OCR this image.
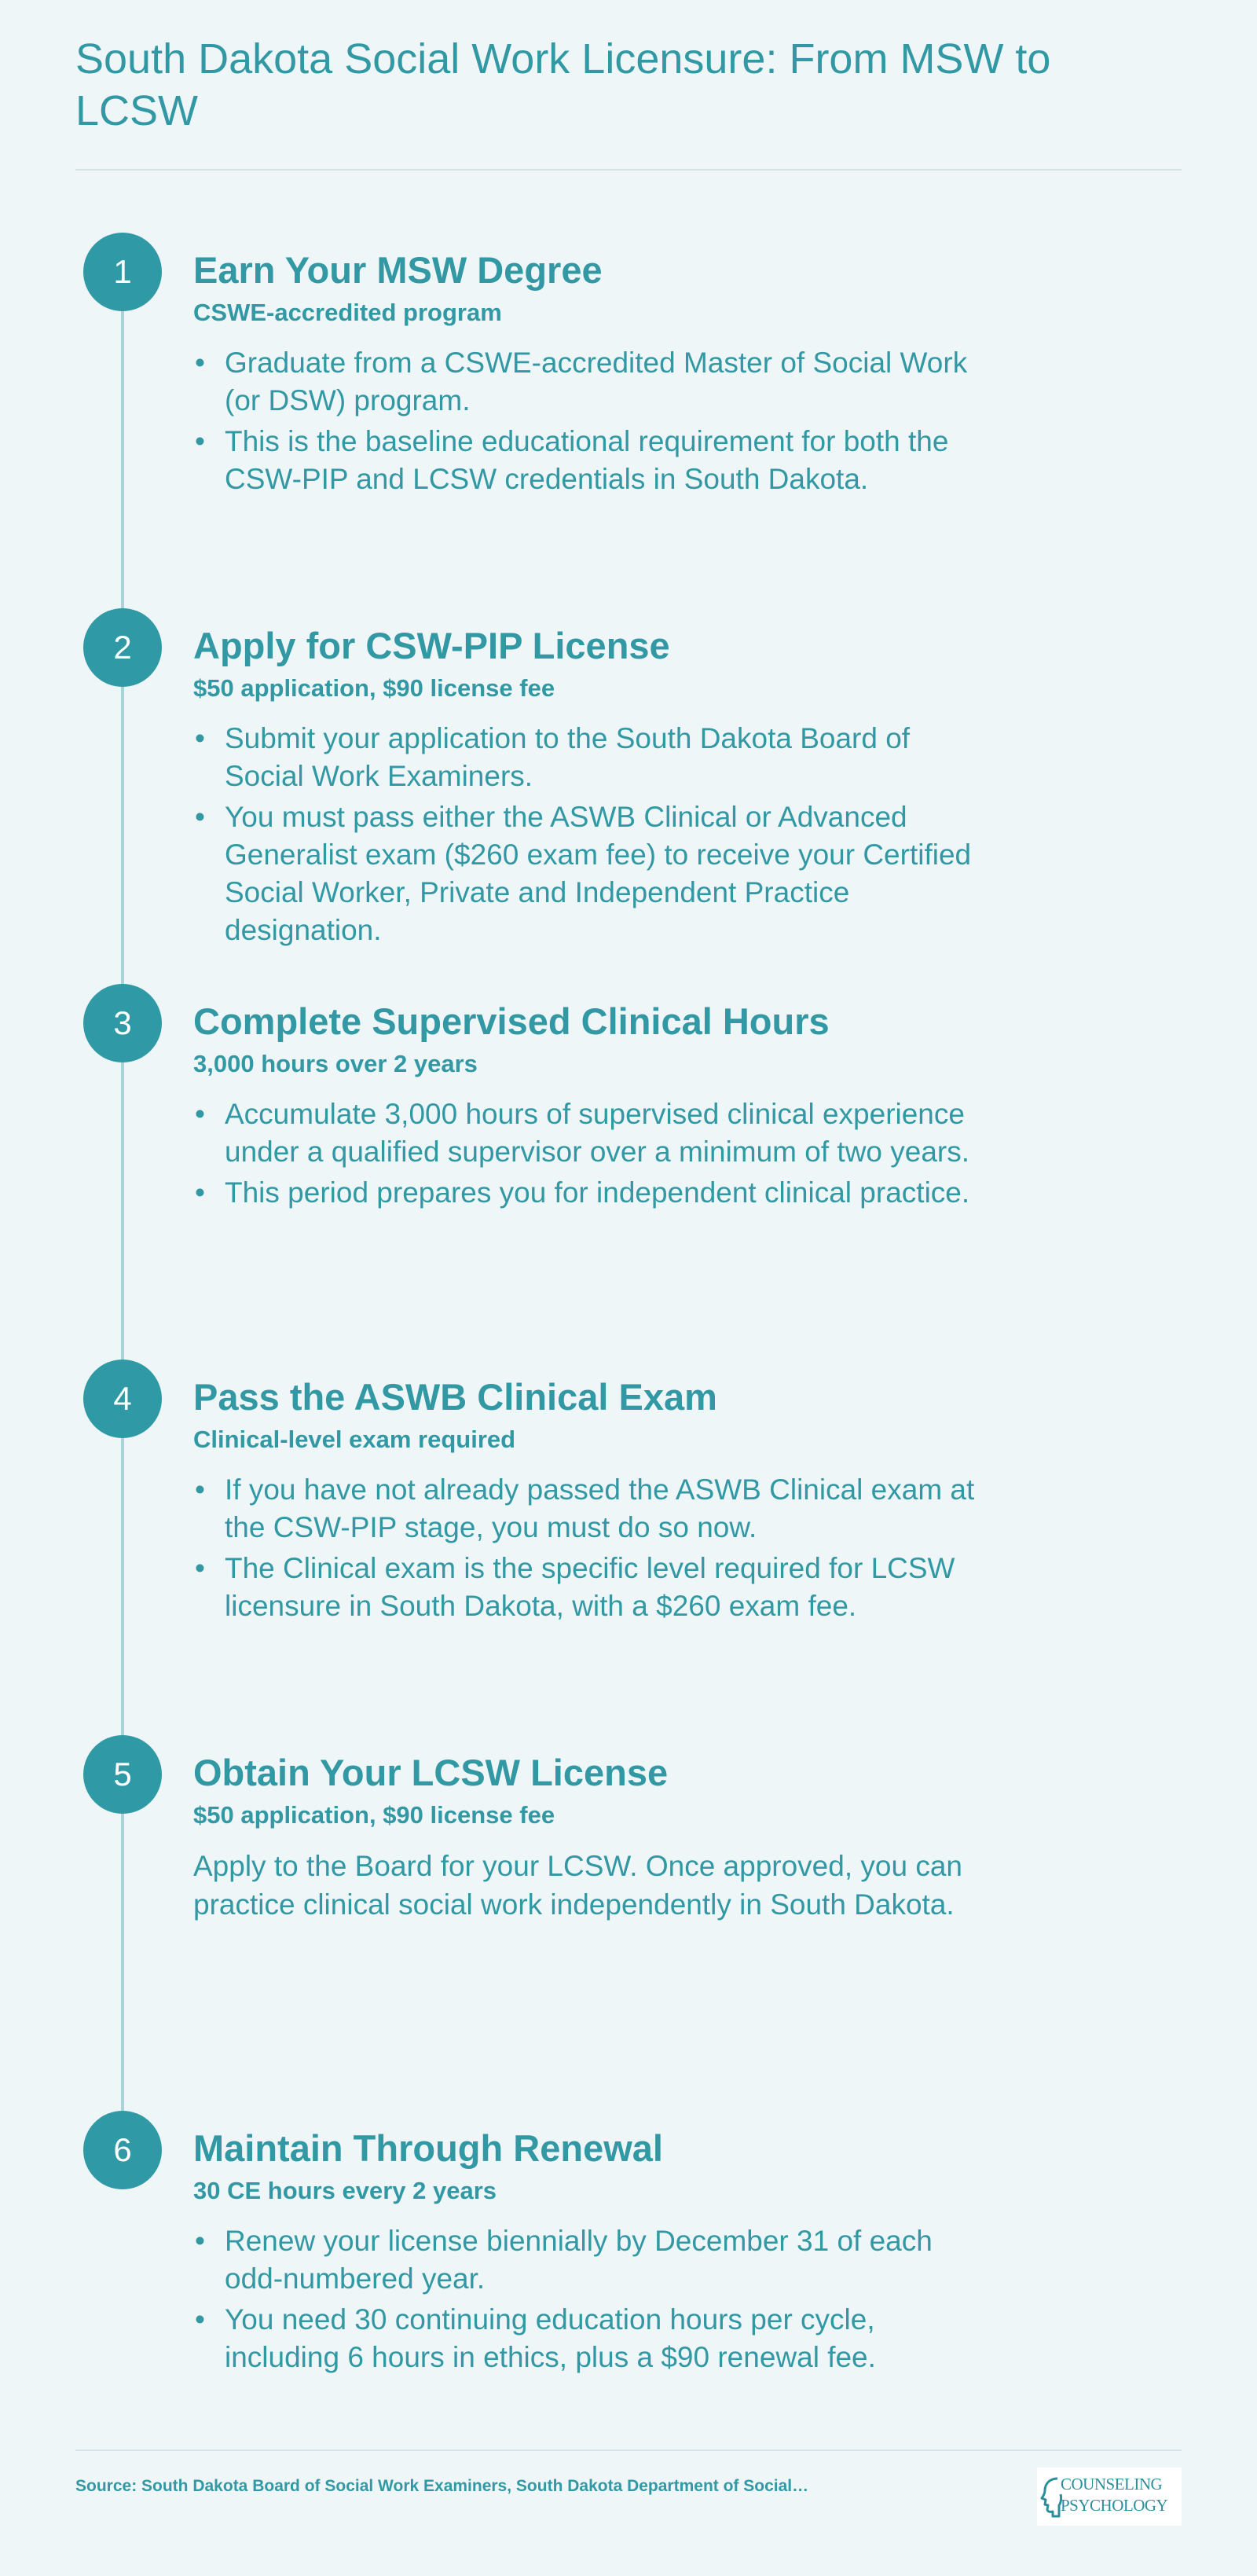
South Dakota Social Work Licensure: From MSW to LCSW
1	Earn Your MSW Degree
CSWE-accredited program
• Graduate from a CSWE-accredited Master of Social Work (or DSW) program.
• This is the baseline educational requirement for both the CSW-PIP and LCSW credentials in South Dakota.
2	Apply for CSW-PIP License
$50 application, $90 license fee
• Submit your application to the South Dakota Board of Social Work Examiners.
• You must pass either the ASWB Clinical or Advanced Generalist exam ($260 exam fee) to receive your Certified Social Worker, Private and Independent Practice designation.
3	Complete Supervised Clinical Hours
3,000 hours over 2 years
• Accumulate 3,000 hours of supervised clinical experience under a qualified supervisor over a minimum of two years.
• This period prepares you for independent clinical practice.
4	Pass the ASWB Clinical Exam
Clinical-level exam required
• If you have not already passed the ASWB Clinical exam at the CSW-PIP stage, you must do so now.
• The Clinical exam is the specific level required for LCSW licensure in South Dakota, with a $260 exam fee.
5	Obtain Your LCSW License
$50 application, $90 license fee

Apply to the Board for your LCSW. Once approved, you can practice clinical social work independently in South Dakota.

6	Maintain Through Renewal
30 CE hours every 2 years
• Renew your license biennially by December 31 of each odd-numbered year.
• You need 30 continuing education hours per cycle, including 6 hours in ethics, plus a $90 renewal fee.
Source: South Dakota Board of Social Work Examiners, South Dakota Department of Social…	COUNSELING
PSYCHOLOGY
